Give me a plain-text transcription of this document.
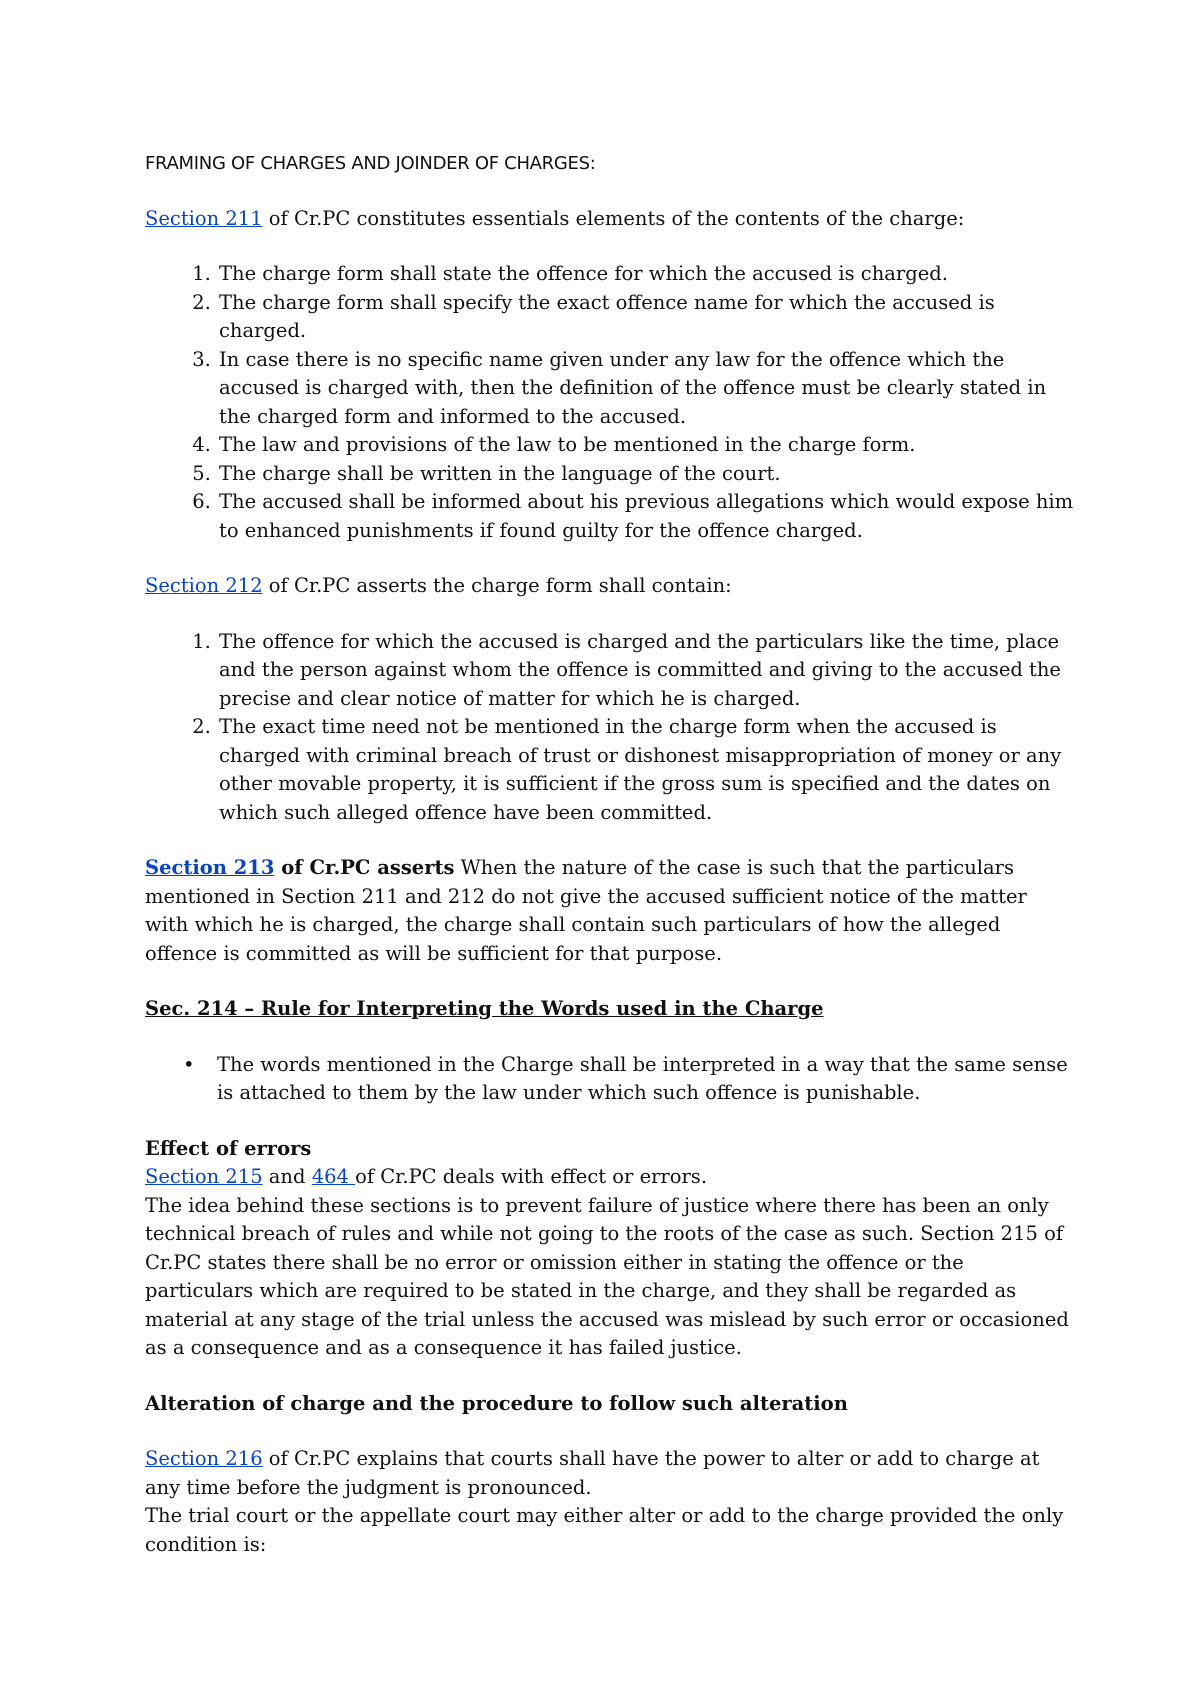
FRAMING OF CHARGES AND JOINDER OF CHARGES:

Section 211 of Cr.PC constitutes essentials elements of the contents of the charge:

1. The charge form shall state the offence for which the accused is charged.
2. The charge form shall specify the exact offence name for which the accused is charged.
3. In case there is no specific name given under any law for the offence which the accused is charged with, then the definition of the offence must be clearly stated in the charged form and informed to the accused.
4. The law and provisions of the law to be mentioned in the charge form.
5. The charge shall be written in the language of the court.
6. The accused shall be informed about his previous allegations which would expose him to enhanced punishments if found guilty for the offence charged.

Section 212 of Cr.PC asserts the charge form shall contain:

1. The offence for which the accused is charged and the particulars like the time, place and the person against whom the offence is committed and giving to the accused the precise and clear notice of matter for which he is charged.
2. The exact time need not be mentioned in the charge form when the accused is charged with criminal breach of trust or dishonest misappropriation of money or any other movable property, it is sufficient if the gross sum is specified and the dates on which such alleged offence have been committed.

Section 213 of Cr.PC asserts When the nature of the case is such that the particulars mentioned in Section 211 and 212 do not give the accused sufficient notice of the matter with which he is charged, the charge shall contain such particulars of how the alleged offence is committed as will be sufficient for that purpose.

Sec. 214 – Rule for Interpreting the Words used in the Charge

• The words mentioned in the Charge shall be interpreted in a way that the same sense is attached to them by the law under which such offence is punishable.

Effect of errors

Section 215 and 464 of Cr.PC deals with effect or errors.

The idea behind these sections is to prevent failure of justice where there has been an only technical breach of rules and while not going to the roots of the case as such. Section 215 of Cr.PC states there shall be no error or omission either in stating the offence or the particulars which are required to be stated in the charge, and they shall be regarded as material at any stage of the trial unless the accused was mislead by such error or occasioned as a consequence and as a consequence it has failed justice.

Alteration of charge and the procedure to follow such alteration

Section 216 of Cr.PC explains that courts shall have the power to alter or add to charge at any time before the judgment is pronounced.

The trial court or the appellate court may either alter or add to the charge provided the only condition is:
